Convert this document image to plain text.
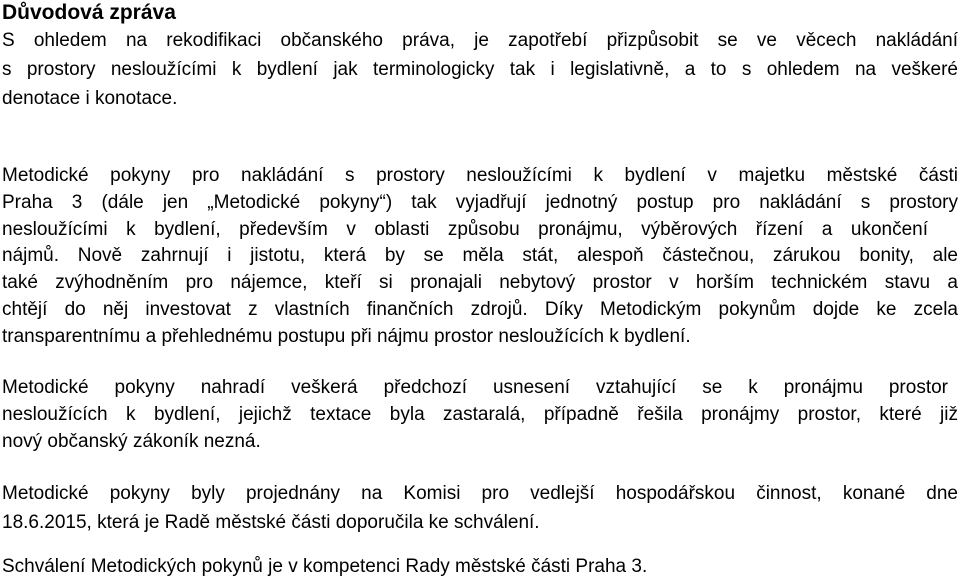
Důvodová zpráva
S ohledem na rekodifikaci občanského práva, je zapotřebí přizpůsobit se ve věcech nakládání
s prostory nesloužícími k bydlení jak terminologicky tak i legislativně, a to s ohledem na veškeré
denotace i konotace.
Metodické pokyny pro nakládání s prostory nesloužícími k bydlení v majetku městské části
Praha 3 (dále jen „Metodické pokyny“) tak vyjadřují jednotný postup pro nakládání s prostory
nesloužícími k bydlení, především v oblasti způsobu pronájmu, výběrových řízení a ukončení
nájmů. Nově zahrnují i jistotu, která by se měla stát, alespoň částečnou, zárukou bonity, ale
také zvýhodněním pro nájemce, kteří si pronajali nebytový prostor v horším technickém stavu a
chtějí do něj investovat z vlastních finančních zdrojů. Díky Metodickým pokynům dojde ke zcela
transparentnímu a přehlednému postupu při nájmu prostor nesloužících k bydlení.
Metodické pokyny nahradí veškerá předchozí usnesení vztahující se k pronájmu prostor
nesloužících k bydlení, jejichž textace byla zastaralá, případně řešila pronájmy prostor, které již
nový občanský zákoník nezná.
Metodické pokyny byly projednány na Komisi pro vedlejší hospodářskou činnost, konané dne
18.6.2015, která je Radě městské části doporučila ke schválení.
Schválení Metodických pokynů je v kompetenci Rady městské části Praha 3.
